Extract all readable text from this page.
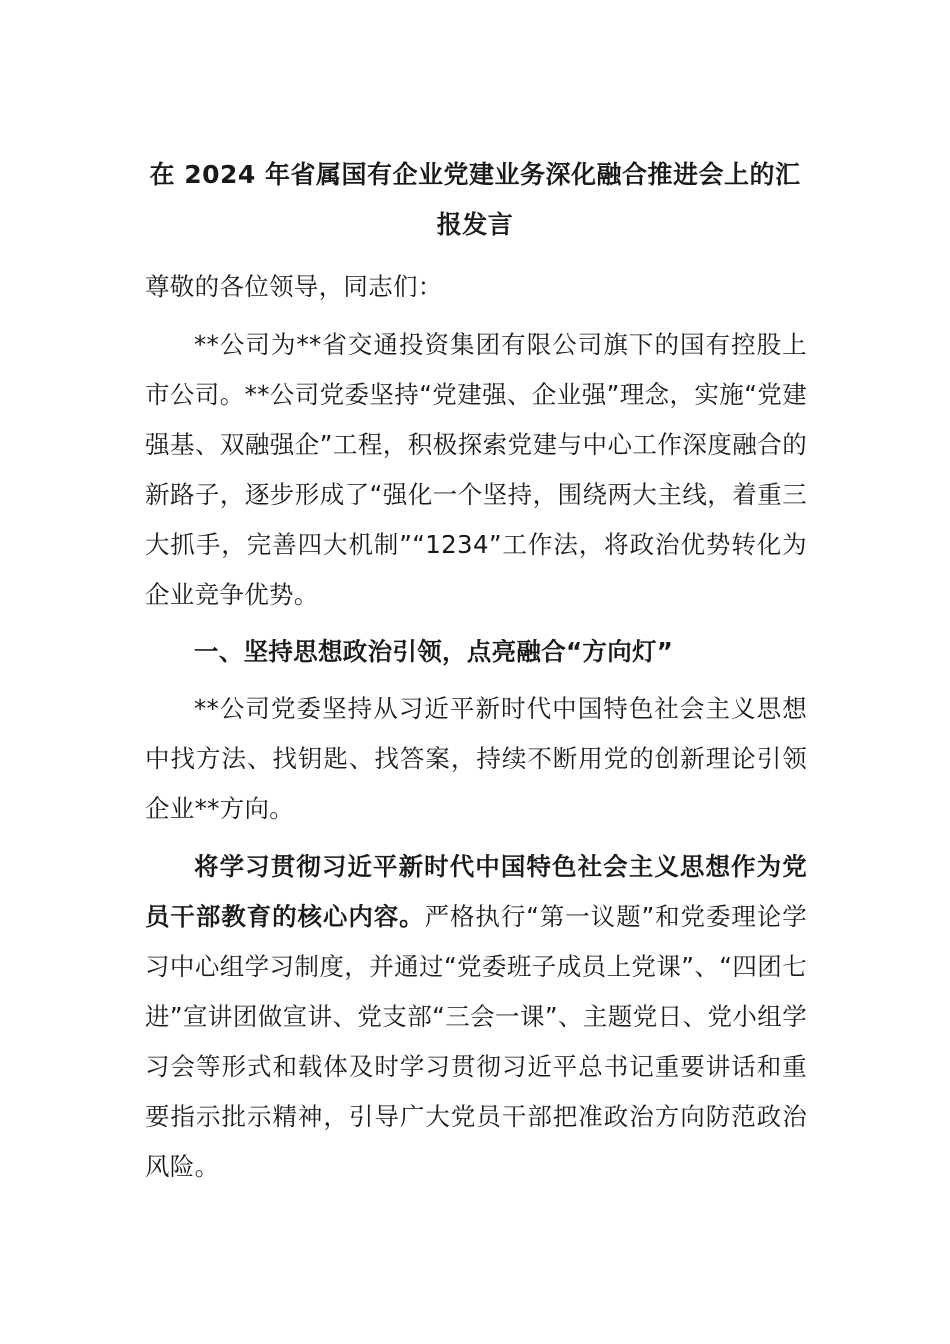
在 2024 年省属国有企业党建业务深化融合推进会上的汇报发言
尊敬的各位领导，同志们：
**公司为**省交通投资集团有限公司旗下的国有控股上市公司。**公司党委坚持“党建强、企业强”理念，实施“党建强基、双融强企”工程，积极探索党建与中心工作深度融合的新路子，逐步形成了“强化一个坚持，围绕两大主线，着重三大抓手，完善四大机制”“1234”工作法，将政治优势转化为企业竞争优势。
一、坚持思想政治引领，点亮融合“方向灯”
**公司党委坚持从习近平新时代中国特色社会主义思想中找方法、找钥匙、找答案，持续不断用党的创新理论引领企业**方向。
将学习贯彻习近平新时代中国特色社会主义思想作为党员干部教育的核心内容。严格执行“第一议题”和党委理论学习中心组学习制度，并通过“党委班子成员上党课”、“四团七进”宣讲团做宣讲、党支部“三会一课”、主题党日、党小组学习会等形式和载体及时学习贯彻习近平总书记重要讲话和重要指示批示精神，引导广大党员干部把准政治方向防范政治风险。
